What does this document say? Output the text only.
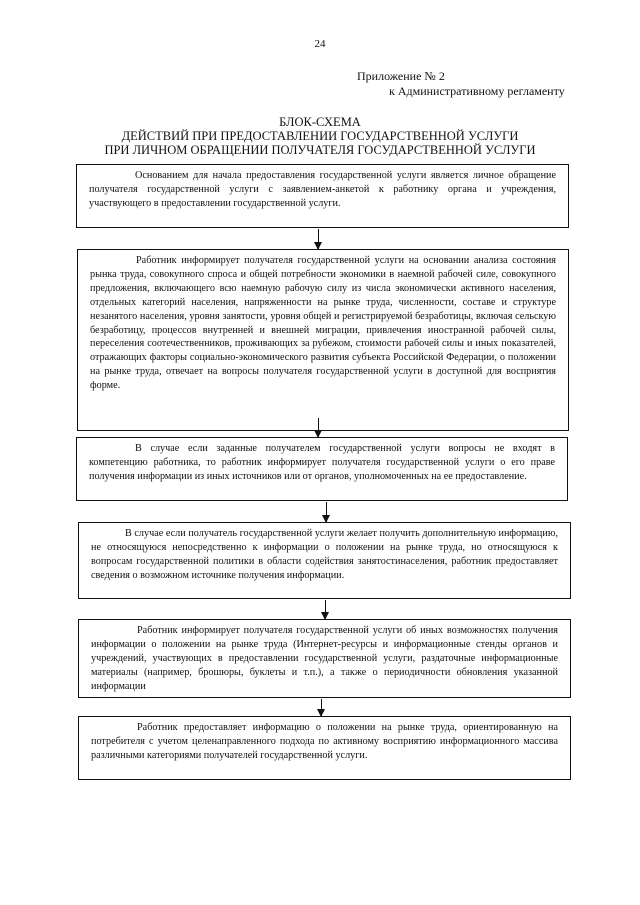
24
Приложение № 2
к Административному регламенту
БЛОК-СХЕМА
ДЕЙСТВИЙ ПРИ ПРЕДОСТАВЛЕНИИ ГОСУДАРСТВЕННОЙ УСЛУГИ
ПРИ ЛИЧНОМ ОБРАЩЕНИИ ПОЛУЧАТЕЛЯ ГОСУДАРСТВЕННОЙ УСЛУГИ
Основанием для начала предоставления государственной услуги является личное обращение получателя государственной услуги с заявлением-анкетой к работнику органа и учреждения, участвующего в предоставлении государственной услуги.
Работник информирует получателя государственной услуги на основании анализа состояния рынка труда, совокупного спроса и общей потребности экономики в наемной рабочей силе, совокупного предложения, включающего всю наемную рабочую силу из числа экономически активного населения, отдельных категорий населения, напряженности на рынке труда, численности, составе и структуре незанятого населения, уровня занятости, уровня общей и регистрируемой безработицы, включая сельскую безработицу, процессов внутренней и внешней миграции, привлечения иностранной рабочей силы, переселения соотечественников, проживающих за рубежом, стоимости рабочей силы и иных показателей, отражающих факторы социально-экономического развития субъекта Российской Федерации, о положении на рынке труда, отвечает на вопросы получателя государственной услуги в доступной для восприятия форме.
В случае если заданные получателем государственной услуги вопросы не входят в компетенцию работника, то работник информирует получателя государственной услуги о его праве получения информации из иных источников или от органов, уполномоченных на ее предоставление.
В случае если получатель государственной услуги желает получить дополнительную информацию, не относящуюся непосредственно к информации о положении на рынке труда, но относящуюся к вопросам государственной политики в области содействия занятостинаселения, работник предоставляет сведения о возможном источнике получения информации.
Работник информирует получателя государственной услуги об иных возможностях получения информации о положении на рынке труда (Интернет-ресурсы и информационные стенды органов и учреждений, участвующих в предоставлении государственной услуги, раздаточные информационные материалы (например, брошюры, буклеты и т.п.), а также о периодичности обновления указанной информации
Работник предоставляет информацию о положении на рынке труда, ориентированную на потребителя с учетом целенаправленного подхода по активному восприятию информационного массива различными категориями получателей государственной услуги.
